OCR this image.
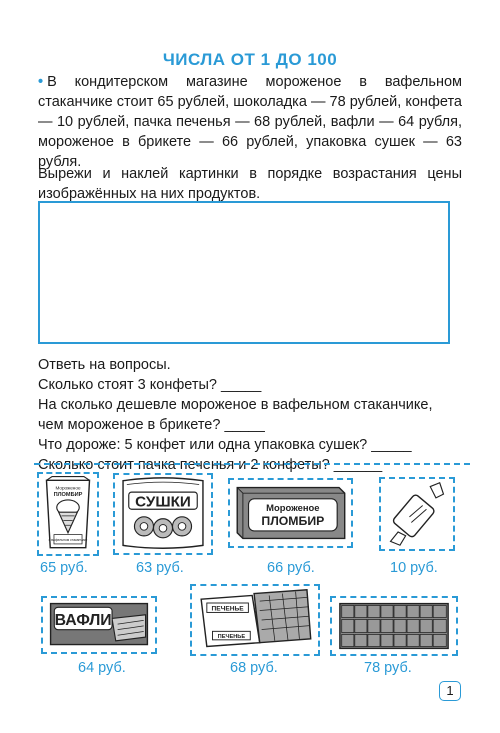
ЧИСЛА ОТ 1 ДО 100
• В кондитерском магазине мороженое в вафельном стаканчике стоит 65 рублей, шоколадка — 78 рублей, конфета — 10 рублей, пачка печенья — 68 рублей, вафли — 64 рубля, мороженое в брикете — 66 рублей, упаковка сушек — 63 рубля.
Вырежи и наклей картинки в порядке возрастания цены изображённых на них продуктов.
Ответь на вопросы.
Сколько стоят 3 конфеты? _____
На сколько дешевле мороженое в вафельном стаканчике,
чем мороженое в брикете? _____
Что дороже: 5 конфет или одна упаковка сушек? _____
Сколько стоит пачка печенья и 2 конфеты? ______
Мороженое
ПЛОМБИР
в вафельном стаканчике
65 руб.
СУШКИ
63 руб.
Мороженое
ПЛОМБИР
66 руб.	10 руб.
ВАФЛИ
64 руб.
ПЕЧЕНЬЕ
ПЕЧЕНЬЕ
68 руб.	78 руб.
1
